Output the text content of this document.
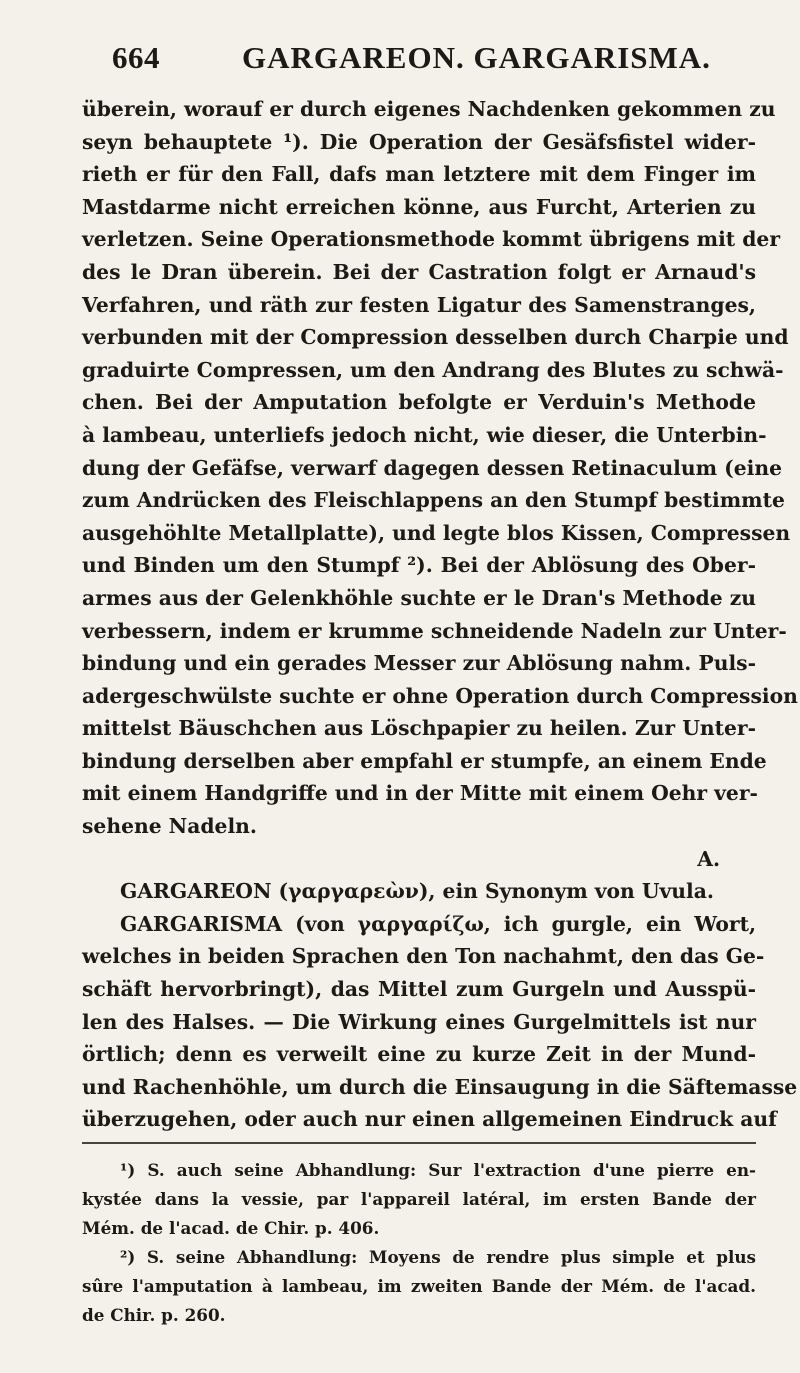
664	GARGAREON. GARGARISMA.
überein, worauf er durch eigenes Nachdenken gekommen zu
seyn behauptete ¹). Die Operation der Gesäfsfistel wider-
rieth er für den Fall, dafs man letztere mit dem Finger im
Mastdarme nicht erreichen könne, aus Furcht, Arterien zu
verletzen. Seine Operationsmethode kommt übrigens mit der
des le Dran überein. Bei der Castration folgt er Arnaud's
Verfahren, und räth zur festen Ligatur des Samenstranges,
verbunden mit der Compression desselben durch Charpie und
graduirte Compressen, um den Andrang des Blutes zu schwä-
chen. Bei der Amputation befolgte er Verduin's Methode
à lambeau, unterliefs jedoch nicht, wie dieser, die Unterbin-
dung der Gefäfse, verwarf dagegen dessen Retinaculum (eine
zum Andrücken des Fleischlappens an den Stumpf bestimmte
ausgehöhlte Metallplatte), und legte blos Kissen, Compressen
und Binden um den Stumpf ²). Bei der Ablösung des Ober-
armes aus der Gelenkhöhle suchte er le Dran's Methode zu
verbessern, indem er krumme schneidende Nadeln zur Unter-
bindung und ein gerades Messer zur Ablösung nahm. Puls-
adergeschwülste suchte er ohne Operation durch Compression
mittelst Bäuschchen aus Löschpapier zu heilen. Zur Unter-
bindung derselben aber empfahl er stumpfe, an einem Ende
mit einem Handgriffe und in der Mitte mit einem Oehr ver-
sehene Nadeln.
A.
GARGAREON (γαργαρεὼν), ein Synonym von Uvula.
GARGARISMA (von γαργαρίζω, ich gurgle, ein Wort,
welches in beiden Sprachen den Ton nachahmt, den das Ge-
schäft hervorbringt), das Mittel zum Gurgeln und Ausspü-
len des Halses. — Die Wirkung eines Gurgelmittels ist nur
örtlich; denn es verweilt eine zu kurze Zeit in der Mund-
und Rachenhöhle, um durch die Einsaugung in die Säftemasse
überzugehen, oder auch nur einen allgemeinen Eindruck auf
¹) S. auch seine Abhandlung: Sur l'extraction d'une pierre en-
kystée dans la vessie, par l'appareil latéral, im ersten Bande der
Mém. de l'acad. de Chir. p. 406.
²) S. seine Abhandlung: Moyens de rendre plus simple et plus
sûre l'amputation à lambeau, im zweiten Bande der Mém. de l'acad.
de Chir. p. 260.
